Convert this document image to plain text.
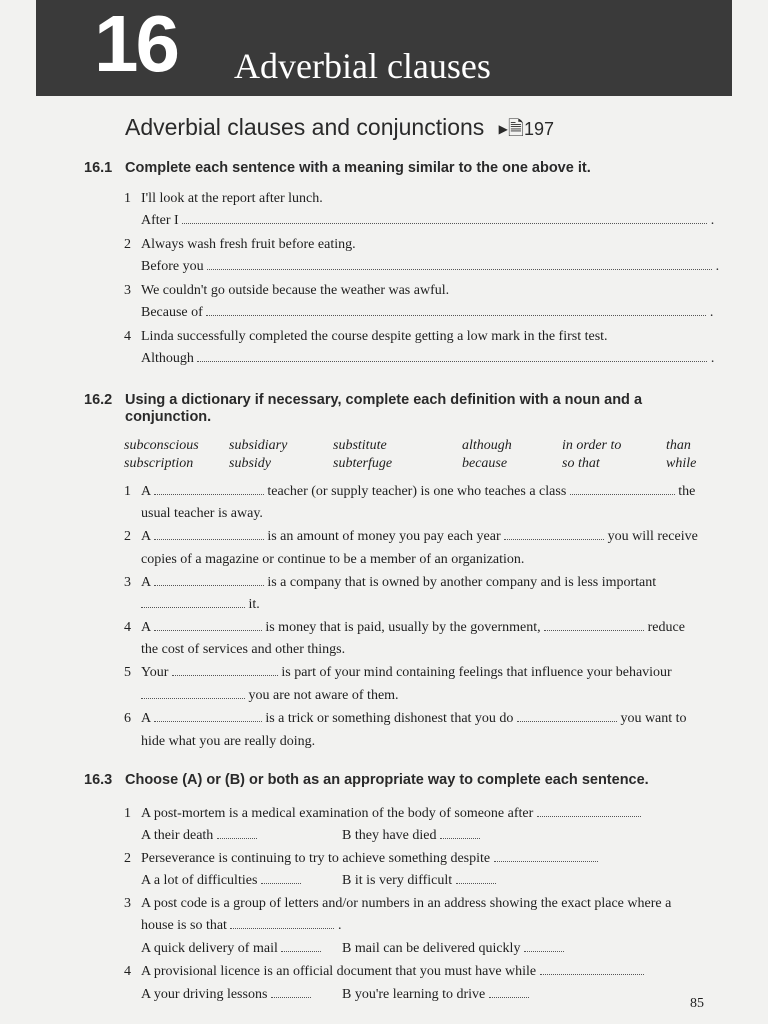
16 Adverbial clauses
Adverbial clauses and conjunctions ▶🗎197
16.1 Complete each sentence with a meaning similar to the one above it.
1 I'll look at the report after lunch.
After I	.
2 Always wash fresh fruit before eating.
Before you	.
3 We couldn't go outside because the weather was awful.
Because of	.
4 Linda successfully completed the course despite getting a low mark in the first test.
Although	.
16.2 Using a dictionary if necessary, complete each definition with a noun and a conjunction.
subconscious subsidiary	substitute	although	in order to	than
subscription	subsidy	subterfuge	because	so that	while
1 A	teacher (or supply teacher) is one who teaches a class	the
usual teacher is away.
2 A	is an amount of money you pay each year	you will receive
copies of a magazine or continue to be a member of an organization.
3 A	is a company that is owned by another company and is less important
it.
4 A	is money that is paid, usually by the government,	reduce
the cost of services and other things.
5 Your	is part of your mind containing feelings that influence your behaviour
you are not aware of them.
6 A	is a trick or something dishonest that you do	you want to
hide what you are really doing.
16.3 Choose (A) or (B) or both as an appropriate way to complete each sentence.
1 A post-mortem is a medical examination of the body of someone after
A their death	B they have died
2 Perseverance is continuing to try to achieve something despite
A a lot of difficulties	B it is very difficult
3 A post code is a group of letters and/or numbers in an address showing the exact place where a
house is so that	.
A quick delivery of mail	B mail can be delivered quickly
4 A provisional licence is an official document that you must have while
A your driving lessons	B you're learning to drive
85
